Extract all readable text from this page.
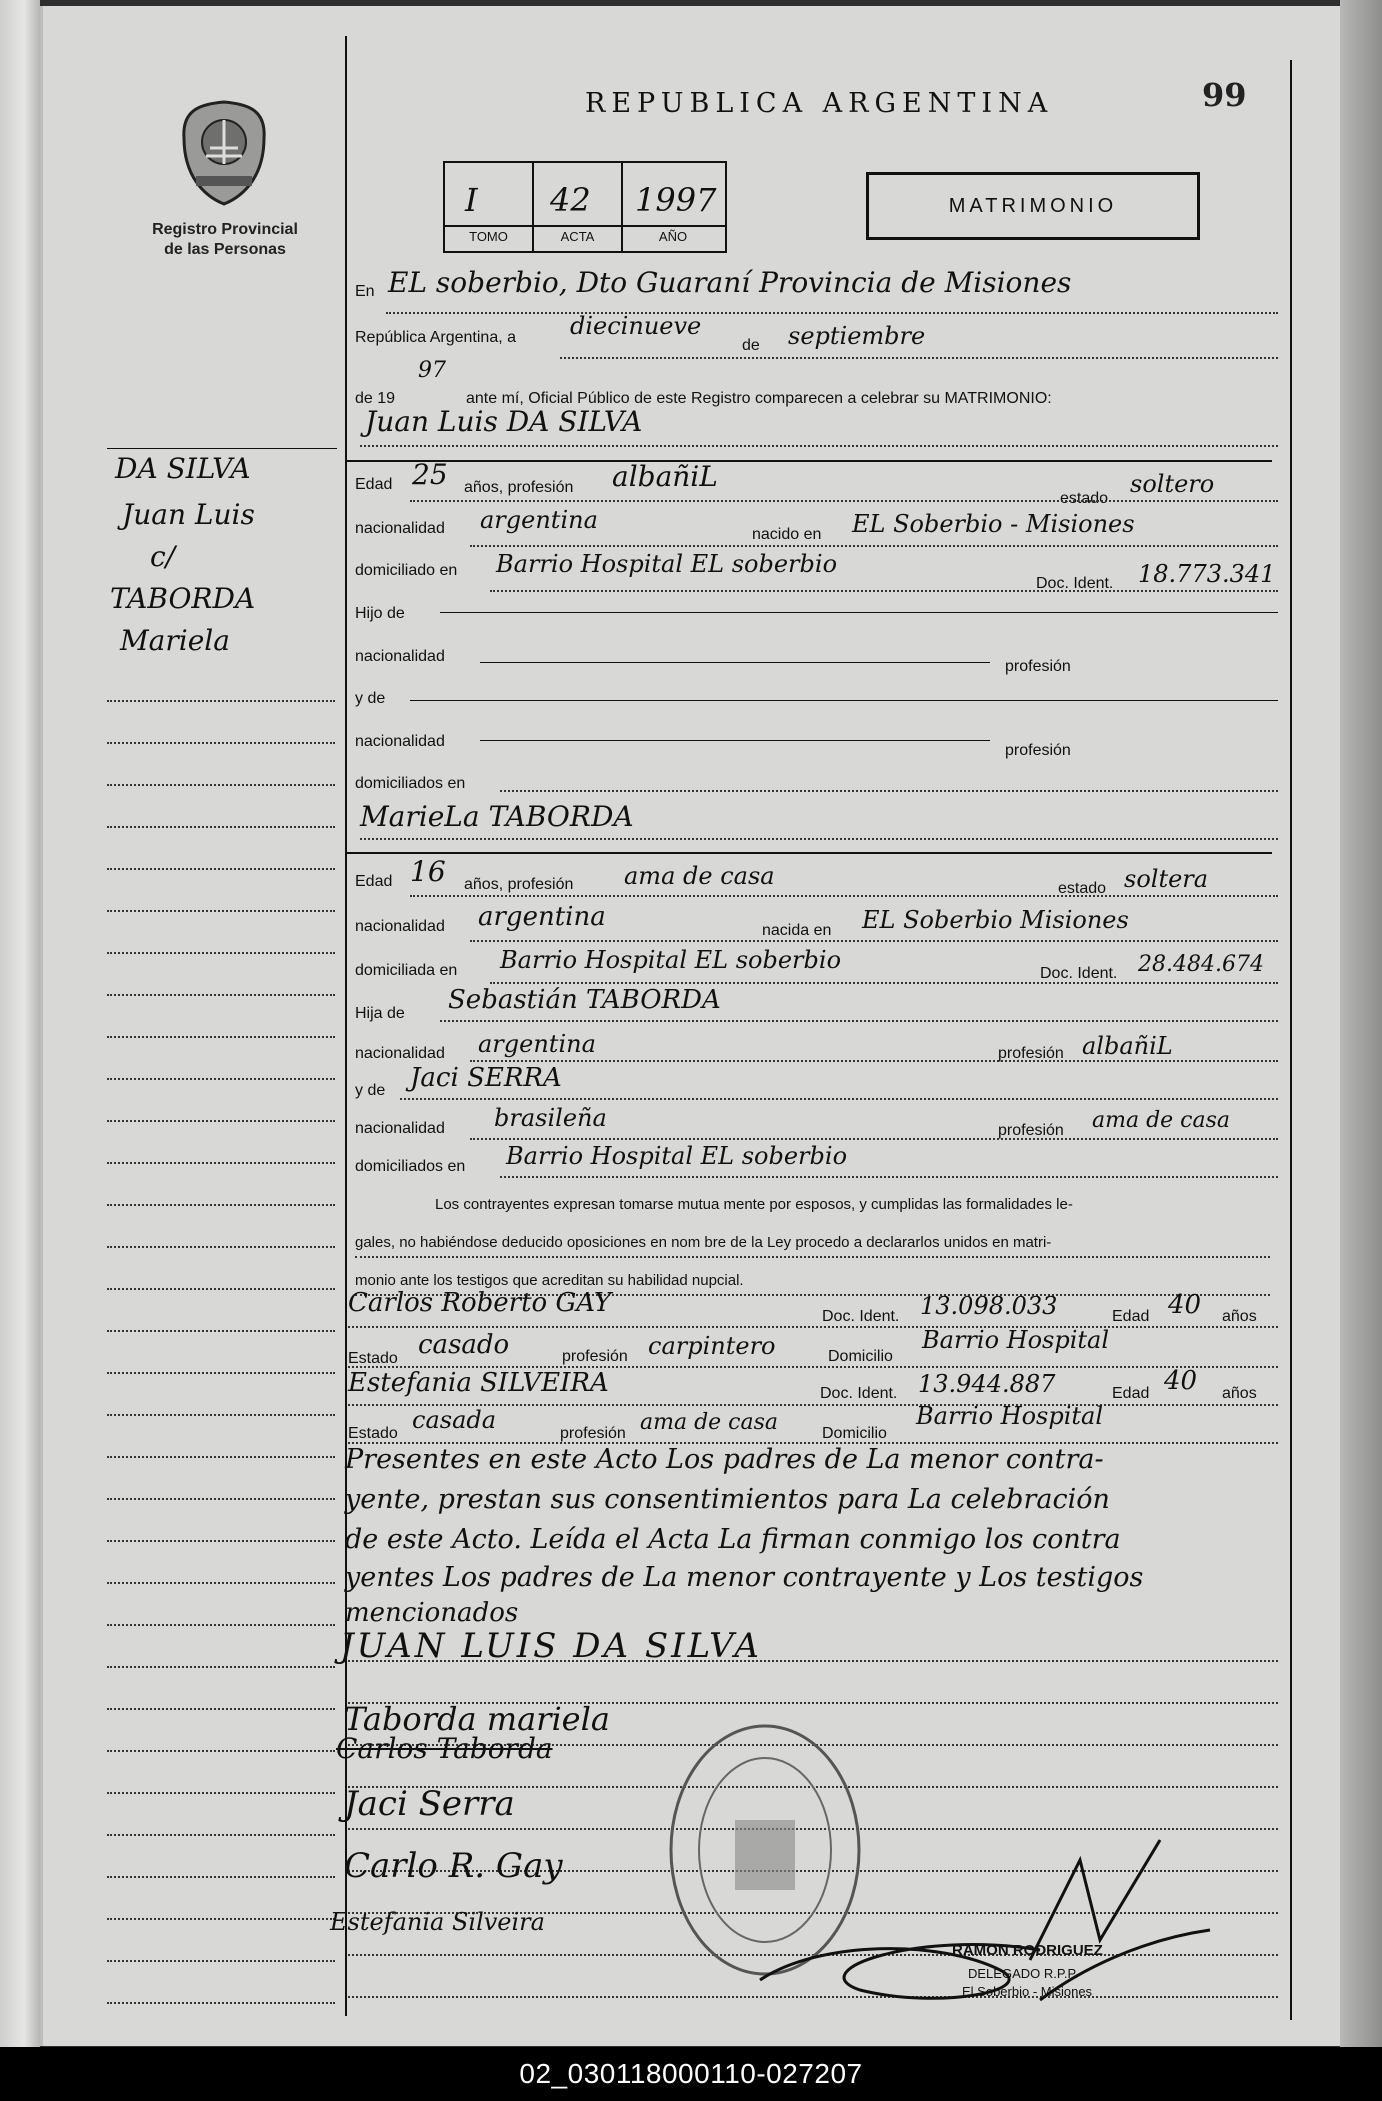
Registro Provincial
de las Personas
REPUBLICA ARGENTINA	99
I 42 1997
TOMO	ACTA	AÑO
MATRIMONIO
DA SILVA
Juan Luis
c/
TABORDA
Mariela
En EL soberbio, Dto Guaraní Provincia de Misiones
República Argentina, a diecinueve
de septiembre
de 19
97
ante mí, Oficial Público de este Registro comparecen a celebrar su MATRIMONIO:
Juan Luis DA SILVA
Edad 25 años, profesión albañiL
estado
soltero
nacionalidad argentina
nacido en EL Soberbio - Misiones
domiciliado en Barrio Hospital EL soberbio
Doc. Ident. 18.773.341
Hijo de
nacionalidad
profesión
y de
nacionalidad
profesión
domiciliados en
MarieLa TABORDA
Edad 16 años, profesión ama de casa	estado soltera
nacionalidad argentina	nacida en EL Soberbio Misiones
domiciliada en Barrio Hospital EL soberbio	Doc. Ident. 28.484.674
Hija de Sebastián TABORDA
nacionalidad argentina	profesión albañiL
y de Jaci SERRA
nacionalidad brasileña	profesión ama de casa
domiciliados en Barrio Hospital EL soberbio
Los contrayentes expresan tomarse mutua mente por esposos, y cumplidas las formalidades le-
gales, no habiéndose deducido oposiciones en nom bre de la Ley procedo a declararlos unidos en matri-
monio ante los testigos que acreditan su habilidad nupcial.
Carlos Roberto GAY	Doc. Ident. 13.098.033	Edad 40 años
Estado casado	profesión carpintero	Domicilio
Barrio Hospital
Estefania SILVEIRA	Doc. Ident. 13.944.887	Edad 40 años
Estado casada	profesión ama de casa	Domicilio
Barrio Hospital
Presentes en este Acto Los padres de La menor contra-
yente, prestan sus consentimientos para La celebración
de este Acto. Leída el Acta La firman conmigo los contra
yentes Los padres de La menor contrayente y Los testigos
mencionados
JUAN LUIS DA SILVA
Taborda mariela
Carlos Taborda
Jaci Serra
Carlo R. Gay
Estefania Silveira
RAMON RODRIGUEZ
DELEGADO R.P.P.
El Soberbio - Misiones
02_030118000110-027207
